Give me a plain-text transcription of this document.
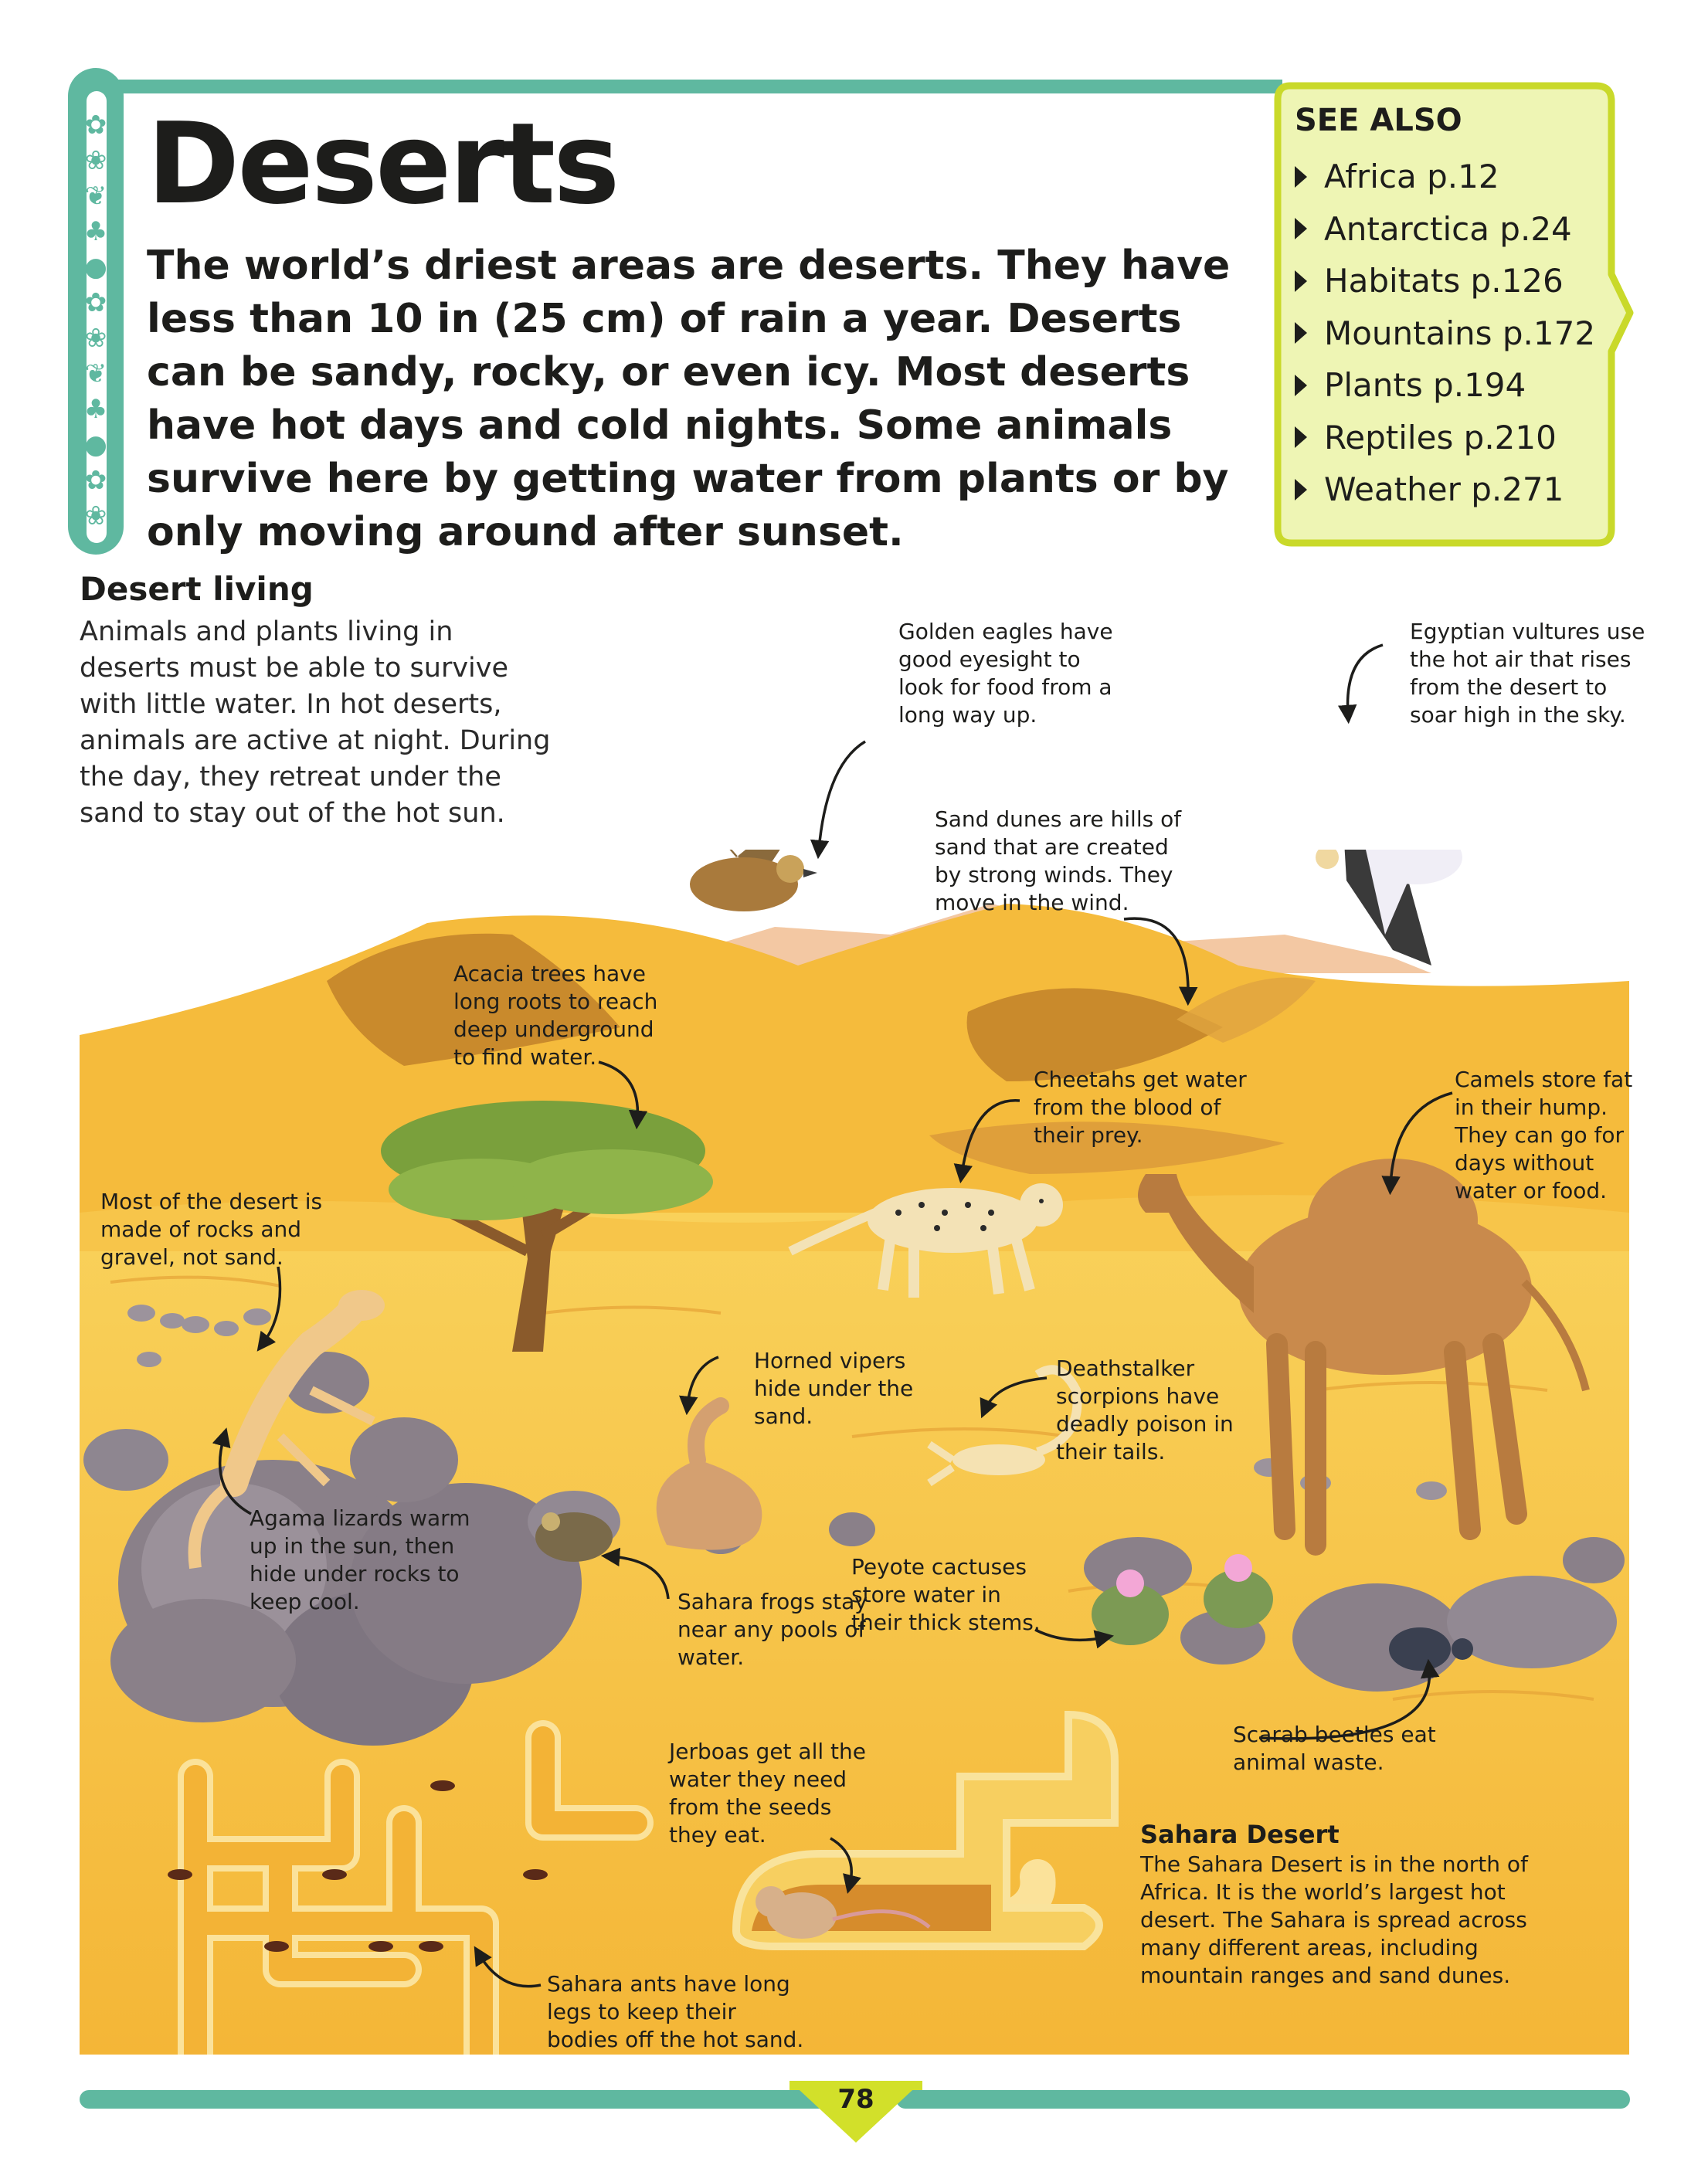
✿
❀
❦
♣
●
✿
❀
❦
♣
●
✿
❀
Deserts

The world’s driest areas are deserts. They have less than 10 in (25 cm) of rain a year. Deserts can be sandy, rocky, or even icy. Most deserts have hot days and cold nights. Some animals survive here by getting water from plants or by only moving around after sunset.

SEE ALSO
Africa p.12
Antarctica p.24
Habitats p.126
Mountains p.172
Plants p.194
Reptiles p.210
Weather p.271
Desert living

Animals and plants living in deserts must be able to survive with little water. In hot deserts, animals are active at night. During the day, they retreat under the sand to stay out of the hot sun.

Golden eagles have good eyesight to look for food from a long way up.

Egyptian vultures use the hot air that rises from the desert to soar high in the sky.

Sand dunes are hills of sand that are created by strong winds. They move in the wind.

Acacia trees have long roots to reach deep underground to find water.

Cheetahs get water from the blood of their prey.

Camels store fat in their hump. They can go for days without water or food.

Most of the desert is made of rocks and gravel, not sand.

Horned vipers hide under the sand.

Deathstalker scorpions have deadly poison in their tails.

Agama lizards warm up in the sun, then hide under rocks to keep cool.	Sahara frogs stay near any pools of water.

Peyote cactuses store water in their thick stems.

Scarab beetles eat animal waste.

Jerboas get all the water they need from the seeds they eat.

Sahara ants have long legs to keep their bodies off the hot sand.

Sahara Desert

The Sahara Desert is in the north of Africa. It is the world’s largest hot desert. The Sahara is spread across many different areas, including mountain ranges and sand dunes.

78
